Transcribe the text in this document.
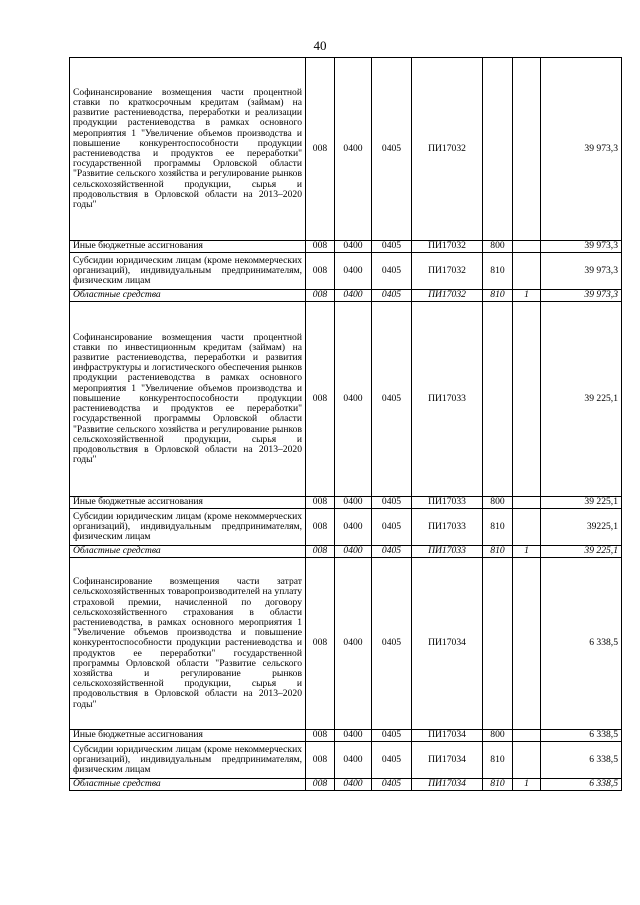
40
Софинансирование возмещения части процентной ставки по краткосрочным кредитам (займам) на развитие растениеводства, переработки и реализации продукции растениеводства в рамках основного мероприятия 1 "Увеличение объемов производства и повышение конкурентоспособности продукции растениеводства и продуктов ее переработки" государственной программы Орловской области "Развитие сельского хозяйства и регулирование рынков сельскохозяйственной продукции, сырья и продовольствия в Орловской области на 2013–2020 годы"	008	0400	0405	ПИ17032			39 973,3
Иные бюджетные ассигнования	008	0400	0405	ПИ17032	800		39 973,3
Субсидии юридическим лицам (кроме некоммерческих организаций), индивидуальным предпринимателям, физическим лицам	008	0400	0405	ПИ17032	810		39 973,3
Областные средства	008	0400	0405	ПИ17032	810	1	39 973,3
Софинансирование возмещения части процентной ставки по инвестиционным кредитам (займам) на развитие растениеводства, переработки и развития инфраструктуры и логистического обеспечения рынков продукции растениеводства в рамках основного мероприятия 1 "Увеличение объемов производства и повышение конкурентоспособности продукции растениеводства и продуктов ее переработки" государственной программы Орловской области "Развитие сельского хозяйства и регулирование рынков сельскохозяйственной продукции, сырья и продовольствия в Орловской области на 2013–2020 годы"	008	0400	0405	ПИ17033			39 225,1
Иные бюджетные ассигнования	008	0400	0405	ПИ17033	800		39 225,1
Субсидии юридическим лицам (кроме некоммерческих организаций), индивидуальным предпринимателям, физическим лицам	008	0400	0405	ПИ17033	810		39225,1
Областные средства	008	0400	0405	ПИ17033	810	1	39 225,1
Софинансирование возмещения части затрат сельскохозяйственных товаропроизводителей на уплату страховой премии, начисленной по договору сельскохозяйственного страхования в области растениеводства, в рамках основного мероприятия 1 "Увеличение объемов производства и повышение конкурентоспособности продукции растениеводства и продуктов ее переработки" государственной программы Орловской области "Развитие сельского хозяйства и регулирование рынков сельскохозяйственной продукции, сырья и продовольствия в Орловской области на 2013–2020 годы"	008	0400	0405	ПИ17034			6 338,5
Иные бюджетные ассигнования	008	0400	0405	ПИ17034	800		6 338,5
Субсидии юридическим лицам (кроме некоммерческих организаций), индивидуальным предпринимателям, физическим лицам	008	0400	0405	ПИ17034	810		6 338,5
Областные средства	008	0400	0405	ПИ17034	810	1	6 338,5
